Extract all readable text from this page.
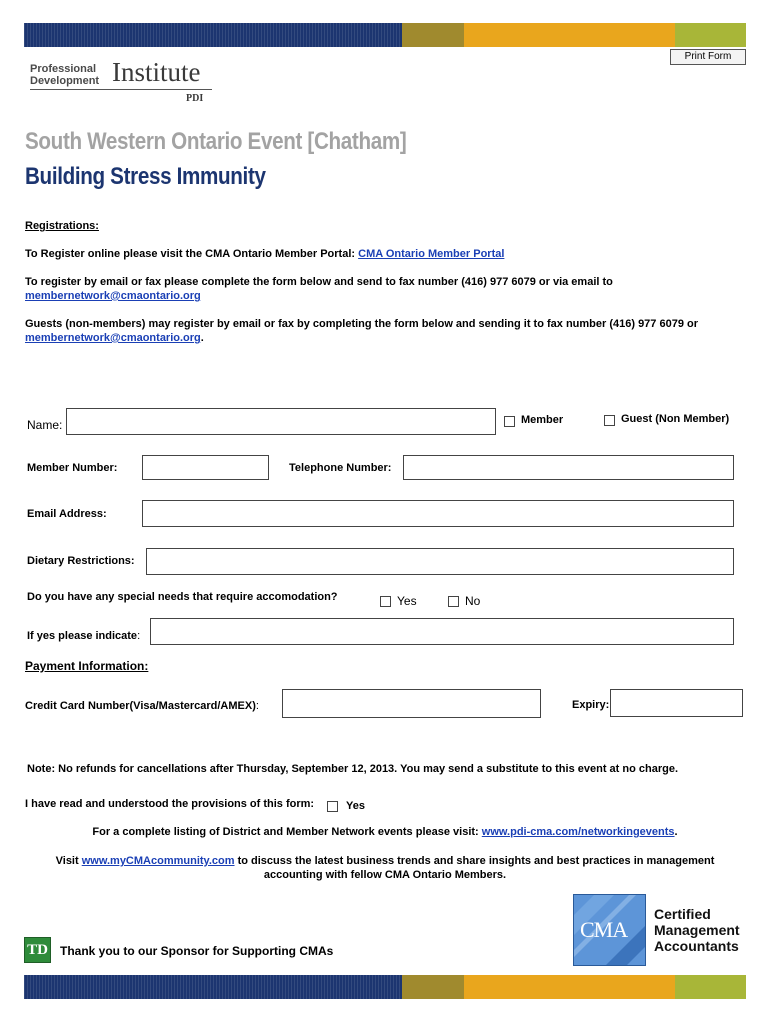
Print Form
Professional
Development Institute
PDI
South Western Ontario Event [Chatham]
Building Stress Immunity
Registrations:
To Register online please visit the CMA Ontario Member Portal: CMA Ontario Member Portal
To register by email or fax please complete the form below and send to fax number (416) 977 6079 or via email to
membernetwork@cmaontario.org
Guests (non-members) may register by email or fax by completing the form below and sending it to fax number (416) 977 6079 or
membernetwork@cmaontario.org.
Name:	Member	Guest (Non Member)
Member Number:	Telephone Number:
Email Address:
Dietary Restrictions:
Do you have any special needs that require accomodation?	Yes	No
If yes please indicate:
Payment Information:
Credit Card Number(Visa/Mastercard/AMEX):	Expiry:
Note: No refunds for cancellations after Thursday, September 12, 2013. You may send a substitute to this event at no charge.
I have read and understood the provisions of this form:	Yes
For a complete listing of District and Member Network events please visit: www.pdi-cma.com/networkingevents.
Visit www.myCMAcommunity.com to discuss the latest business trends and share insights and best practices in management
accounting with fellow CMA Ontario Members.
TD Thank you to our Sponsor for Supporting CMAs
CMA
Certified
Management
Accountants
